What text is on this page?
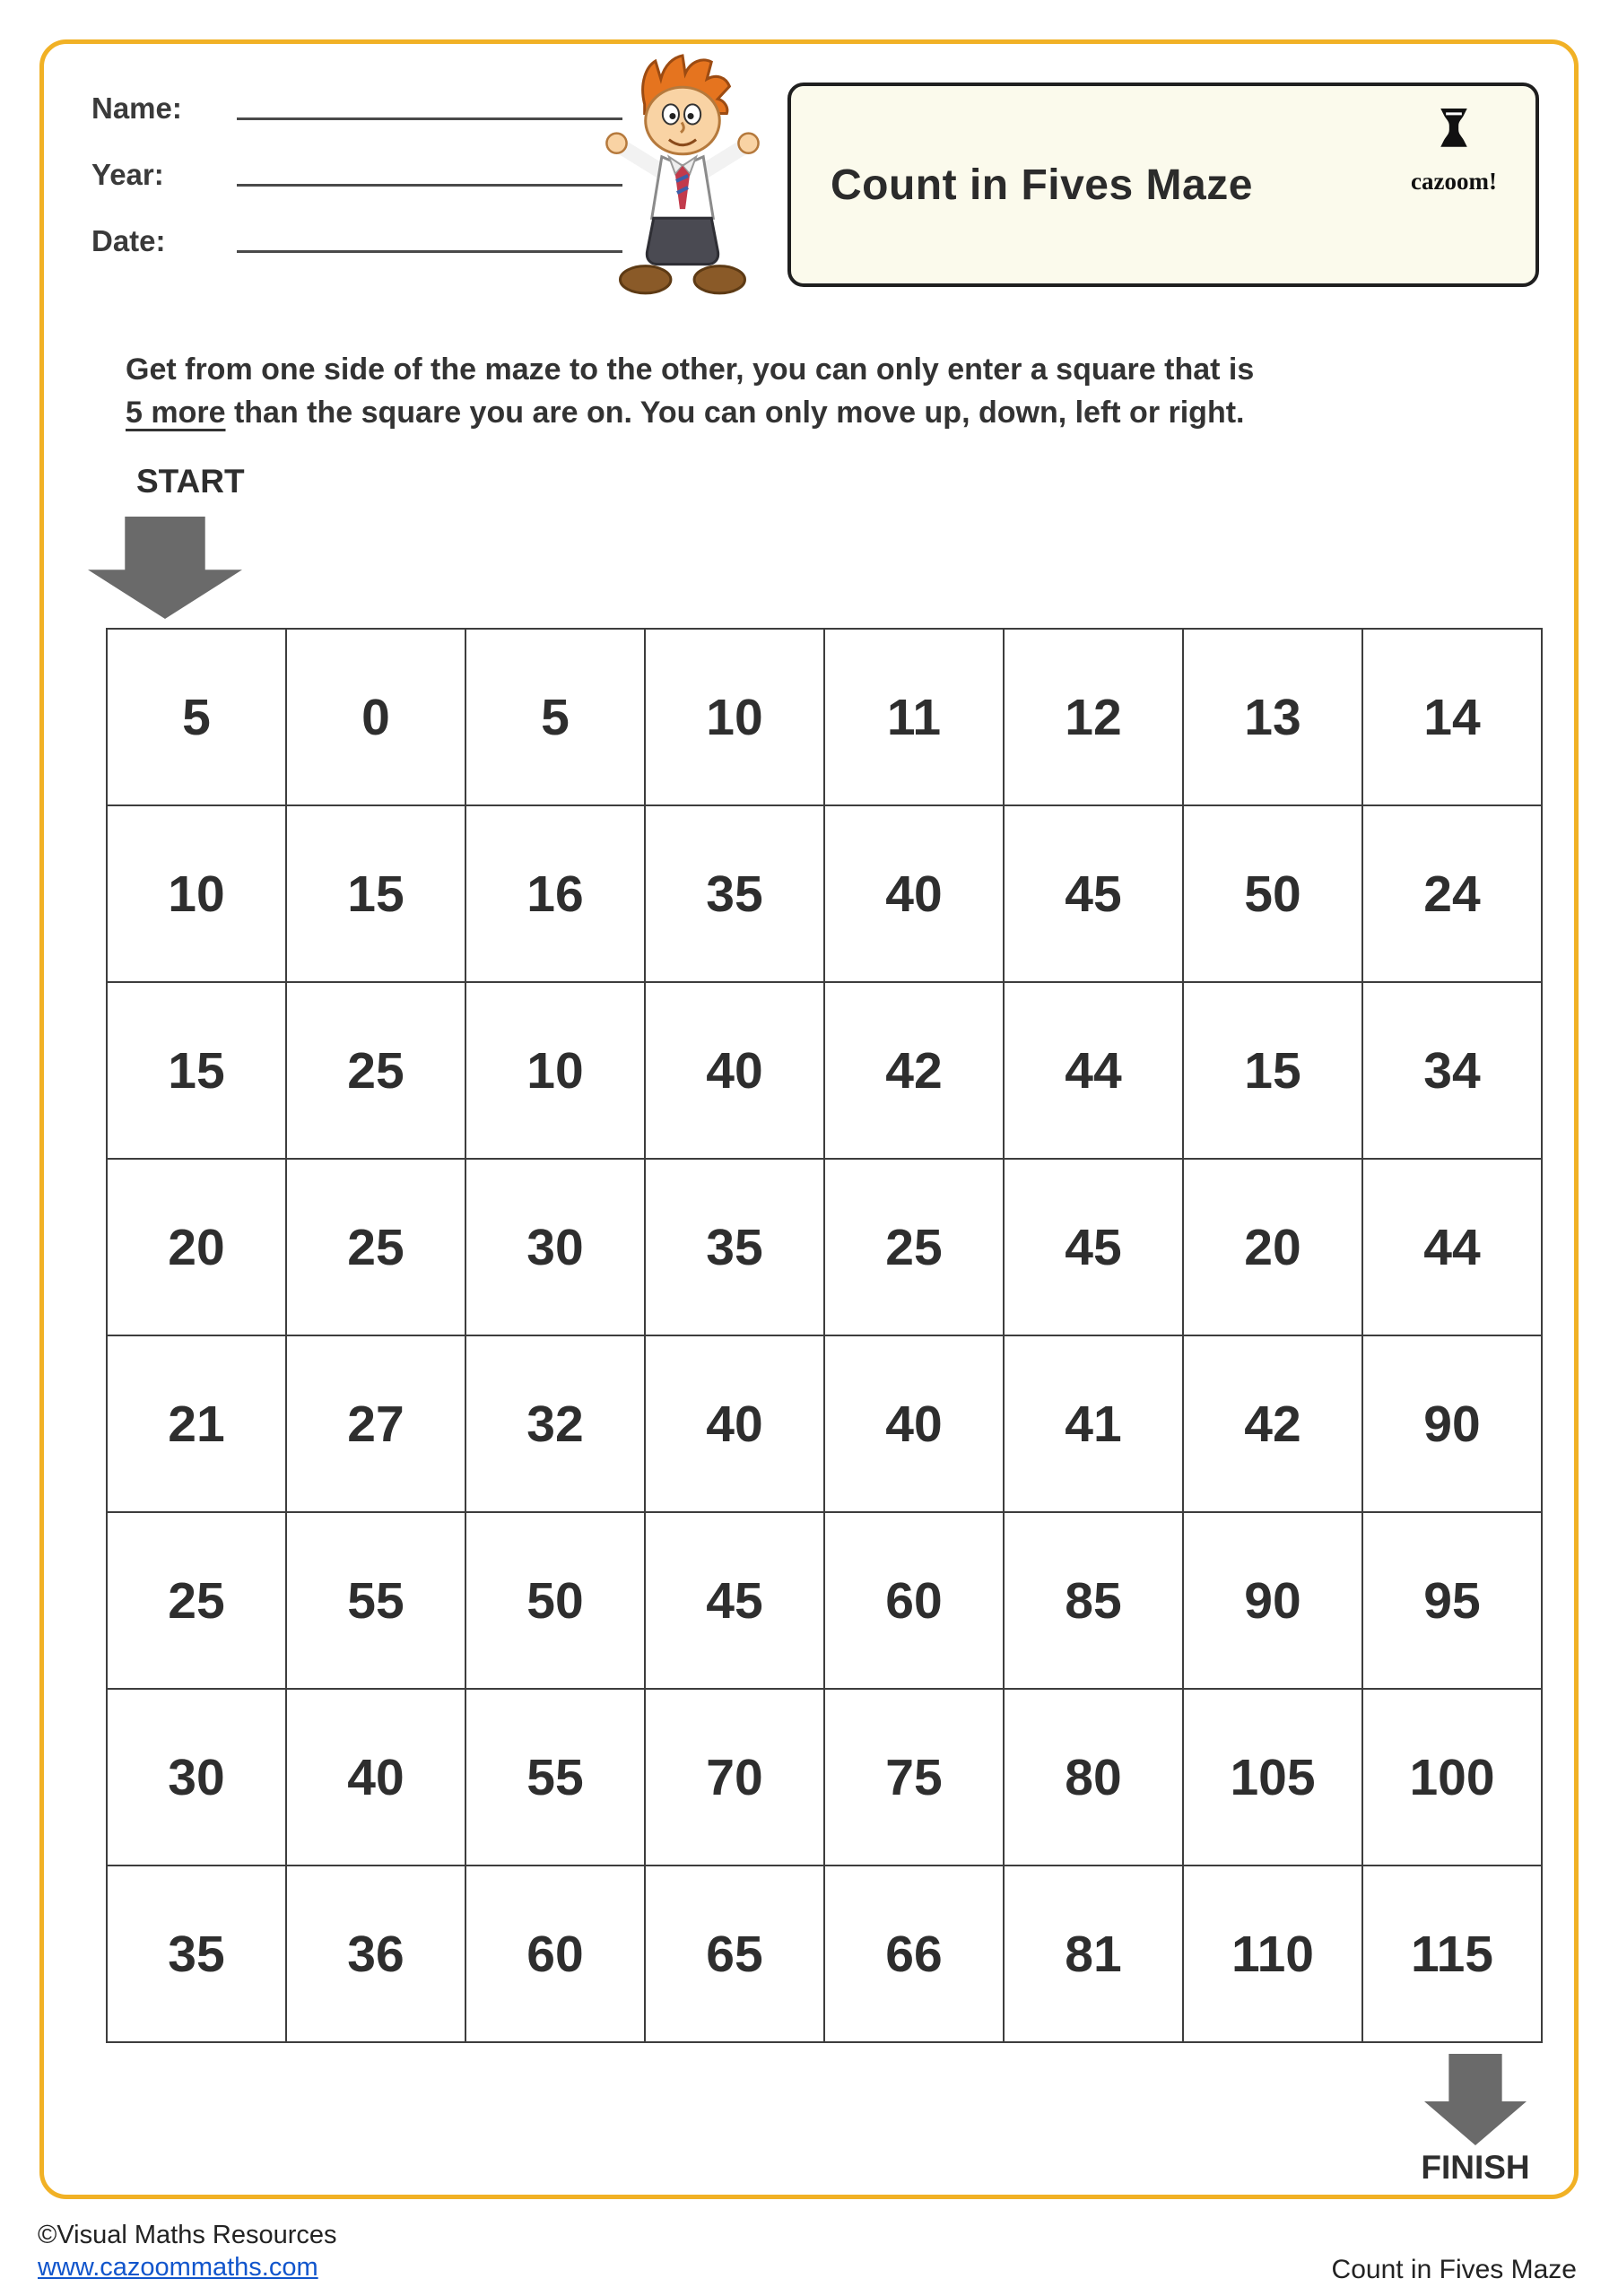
Name:
Year:
Date:
Count in Fives Maze	cazoom!
Get from one side of the maze to the other, you can only enter a square that is
5 more than the square you are on. You can only move up, down, left or right.
START
5	0	5	10	11	12	13	14
10	15	16	35	40	45	50	24
15	25	10	40	42	44	15	34
20	25	30	35	25	45	20	44
21	27	32	40	40	41	42	90
25	55	50	45	60	85	90	95
30	40	55	70	75	80	105	100
35	36	60	65	66	81	110	115
FINISH
©Visual Maths Resources
www.cazoommaths.com	Count in Fives Maze
